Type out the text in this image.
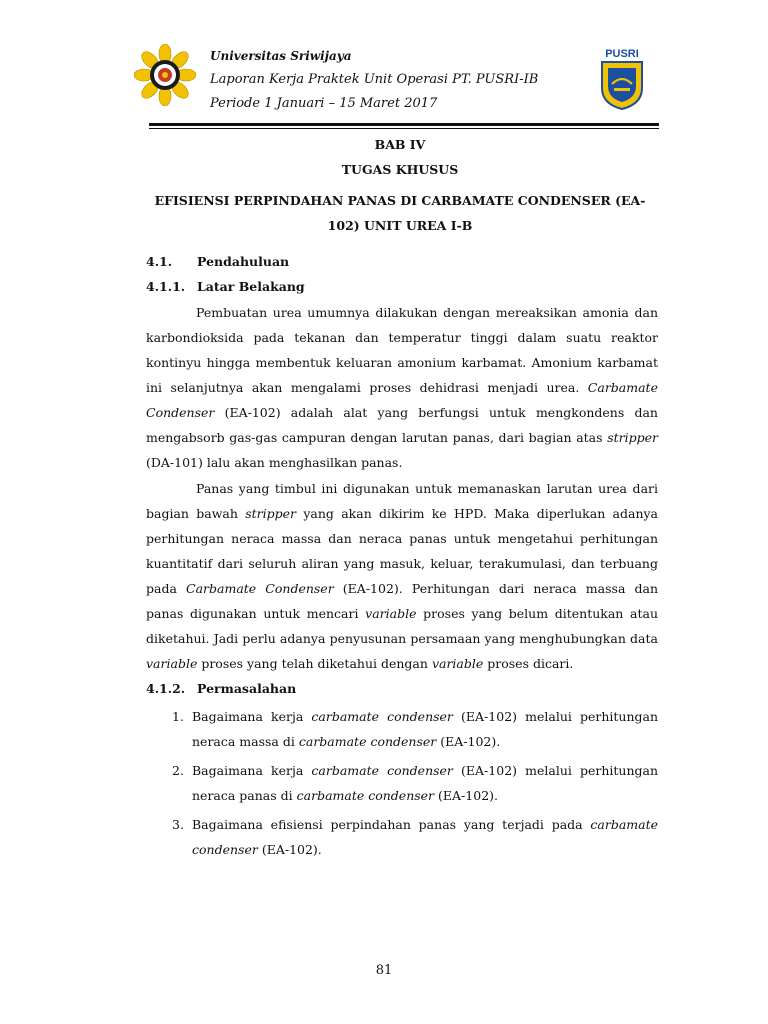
Universitas Sriwijaya
Laporan Kerja Praktek Unit Operasi PT. PUSRI-IB
Periode 1 Januari – 15 Maret 2017
PUSRI
BAB IV
TUGAS KHUSUS
EFISIENSI PERPINDAHAN PANAS DI CARBAMATE CONDENSER (EA-
102) UNIT UREA I-B
4.1. Pendahuluan
4.1.1. Latar Belakang
Pembuatan urea umumnya dilakukan dengan mereaksikan amonia dan karbondioksida pada tekanan dan temperatur tinggi dalam suatu reaktor kontinyu hingga membentuk keluaran amonium karbamat. Amonium karbamat ini selanjutnya akan mengalami proses dehidrasi menjadi urea. Carbamate Condenser (EA-102) adalah alat yang berfungsi untuk mengkondens dan mengabsorb gas-gas campuran dengan larutan panas, dari bagian atas stripper (DA-101) lalu akan menghasilkan panas.
Panas yang timbul ini digunakan untuk memanaskan larutan urea dari bagian bawah stripper yang akan dikirim ke HPD. Maka diperlukan adanya perhitungan neraca massa dan neraca panas untuk mengetahui perhitungan kuantitatif dari seluruh aliran yang masuk, keluar, terakumulasi, dan terbuang pada Carbamate Condenser (EA-102). Perhitungan dari neraca massa dan panas digunakan untuk mencari variable proses yang belum ditentukan atau diketahui. Jadi perlu adanya penyusunan persamaan yang menghubungkan data variable proses yang telah diketahui dengan variable proses dicari.
4.1.2. Permasalahan
1. Bagaimana kerja carbamate condenser (EA-102) melalui perhitungan neraca massa di carbamate condenser (EA-102).
2. Bagaimana kerja carbamate condenser (EA-102) melalui perhitungan neraca panas di carbamate condenser (EA-102).
3. Bagaimana efisiensi perpindahan panas yang terjadi pada carbamate condenser (EA-102).
81
